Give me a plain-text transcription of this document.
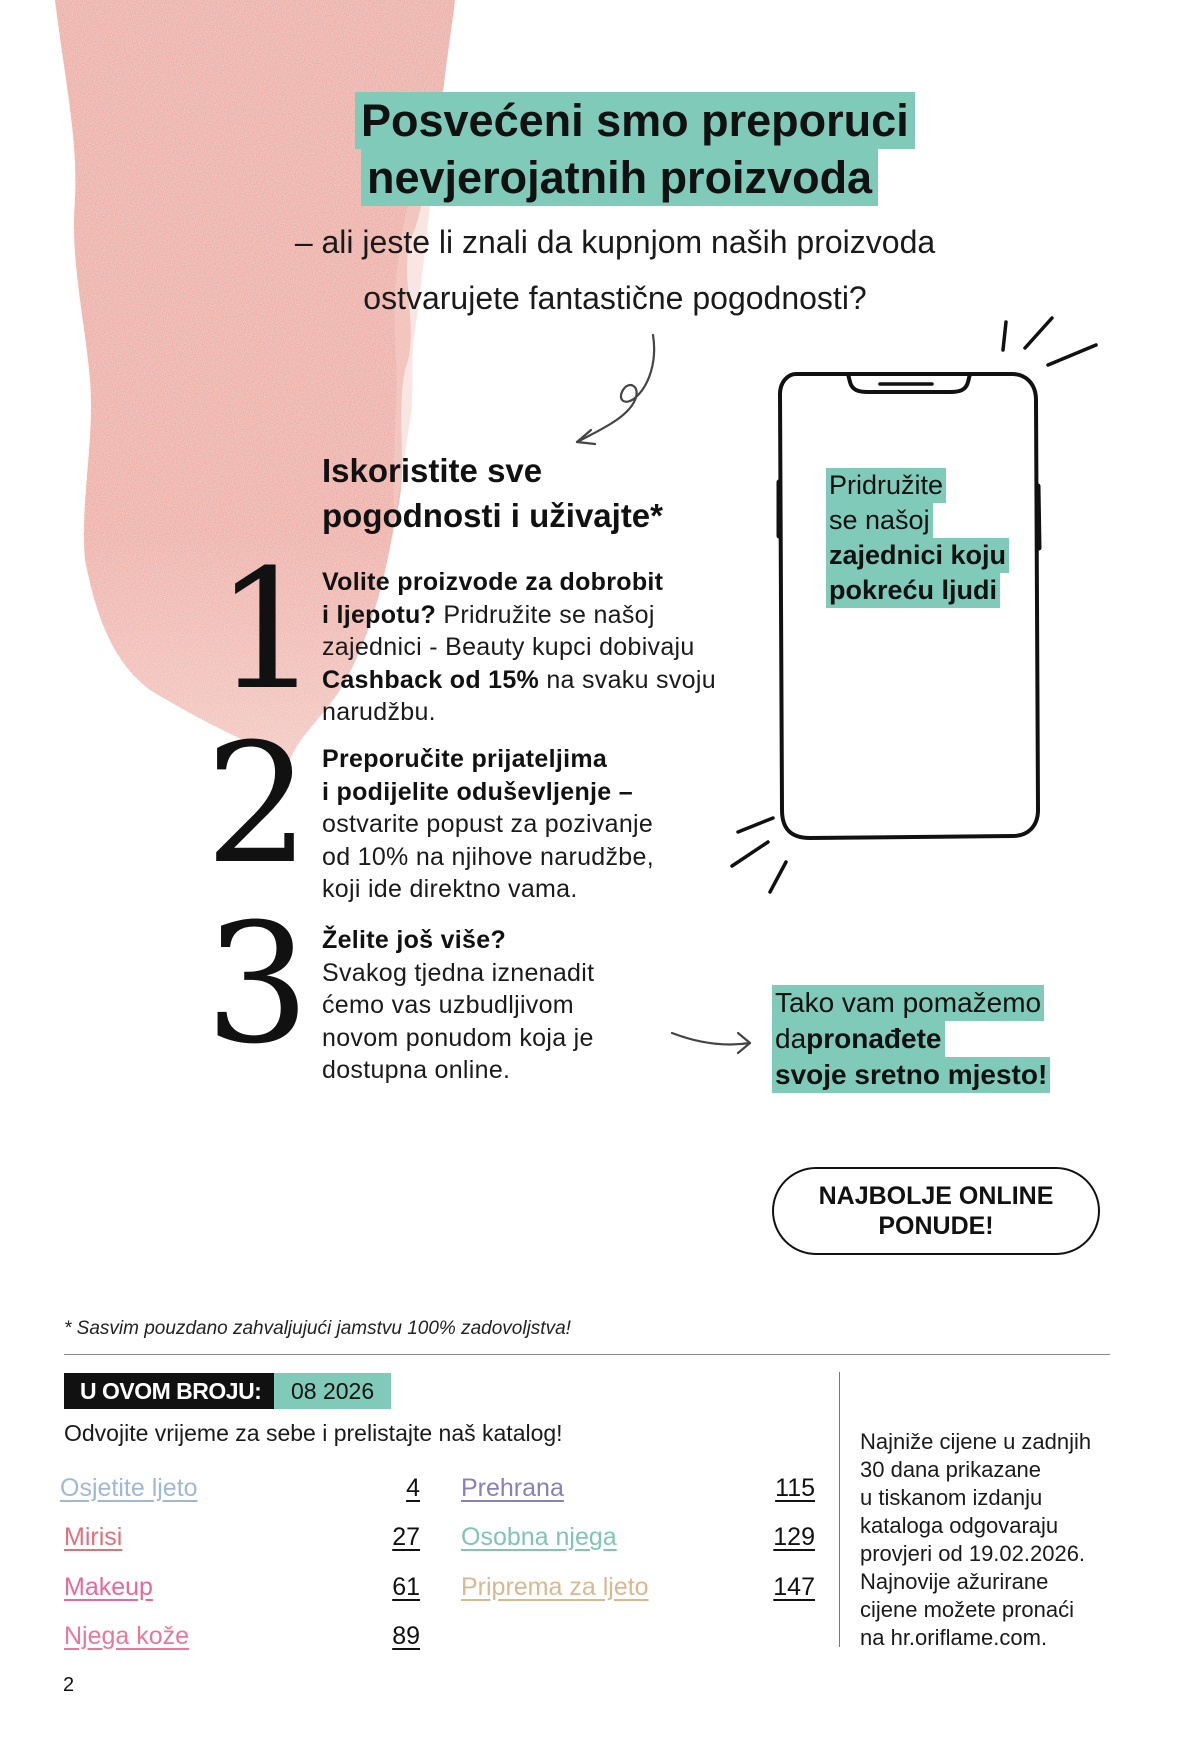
Posvećeni smo preporuci
nevjerojatnih proizvoda
– ali jeste li znali da kupnjom naših proizvoda
ostvarujete fantastične pogodnosti?
Iskoristite sve
pogodnosti i uživajte*
1 Volite proizvode za dobrobit
i ljepotu? Pridružite se našoj
zajednici - Beauty kupci dobivaju
Cashback od 15% na svaku svoju
narudžbu.
2 Preporučite prijateljima
i podijelite oduševljenje –
ostvarite popust za pozivanje
od 10% na njihove narudžbe,
koji ide direktno vama.
3 Želite još više?
Svakog tjedna iznenadit
ćemo vas uzbudljivom
novom ponudom koja je
dostupna online.
Pridružite
se našoj
zajednici koju
pokreću ljudi
Tako vam pomažemo
dapronađete
svoje sretno mjesto!
NAJBOLJE ONLINE
PONUDE!
* Sasvim pouzdano zahvaljujući jamstvu 100% zadovoljstva!
U OVOM BROJU:	08 2026
Odvojite vrijeme za sebe i prelistajte naš katalog!
Osjetite ljeto	4
Mirisi	27
Makeup	61
Njega kože	89
Prehrana	115
Osobna njega	129
Priprema za ljeto	147
Najniže cijene u zadnjih
30 dana prikazane
u tiskanom izdanju
kataloga odgovaraju
provjeri od 19.02.2026.
Najnovije ažurirane
cijene možete pronaći
na hr.oriflame.com.
2
